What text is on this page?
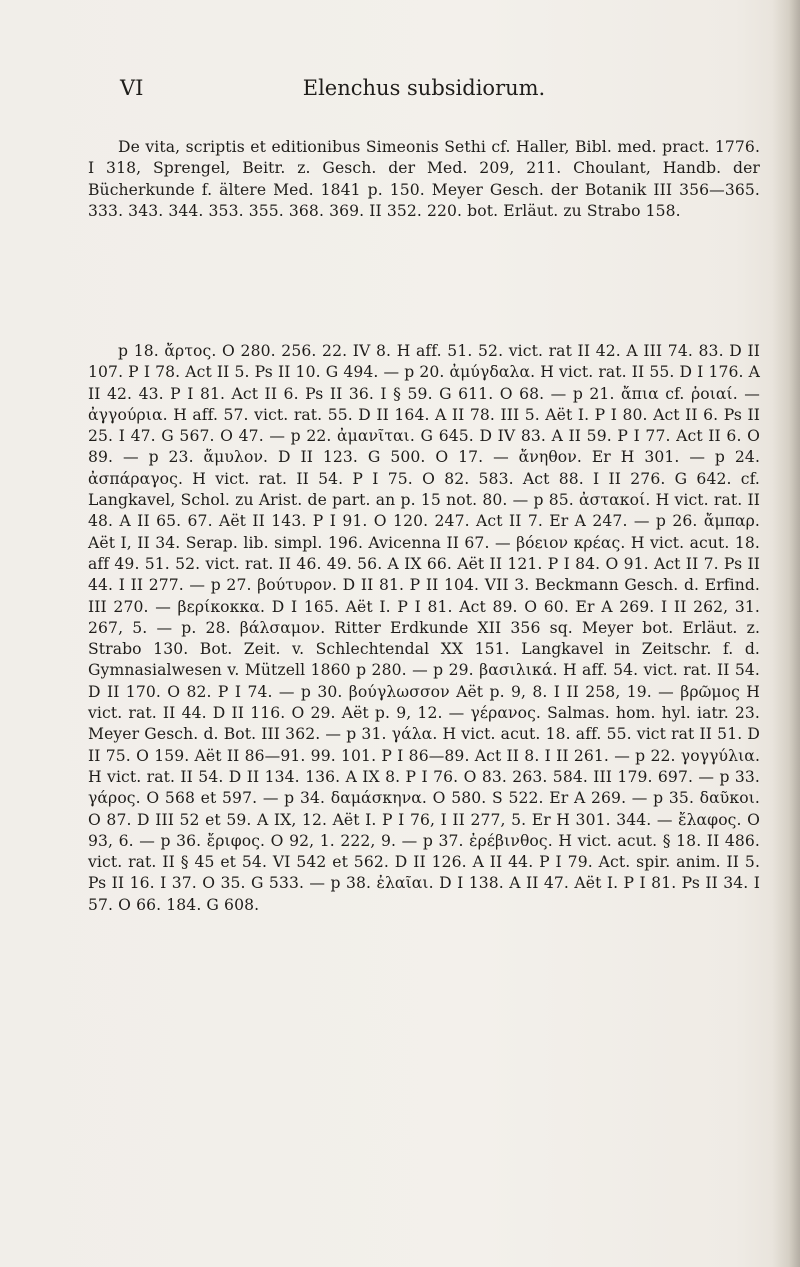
VI	Elenchus subsidiorum.

De vita, scriptis et editionibus Simeonis Sethi cf. Haller, Bibl. med. pract. 1776. I 318, Sprengel, Beitr. z. Gesch. der Med. 209, 211. Choulant, Handb. der Bücherkunde f. ältere Med. 1841 p. 150. Meyer Gesch. der Botanik III 356—365. 333. 343. 344. 353. 355. 368. 369. II 352. 220. bot. Erläut. zu Strabo 158.

p 18. ἄρτος. O 280. 256. 22. IV 8. H aff. 51. 52. vict. rat II 42. A III 74. 83. D II 107. P I 78. Act II 5. Ps II 10. G 494. — p 20. ἀμύγδαλα. H vict. rat. II 55. D I 176. A II 42. 43. P I 81. Act II 6. Ps II 36. I § 59. G 611. O 68. — p 21. ἄπια cf. ῥοιαί. — ἀγγούρια. H aff. 57. vict. rat. 55. D II 164. A II 78. III 5. Aët I. P I 80. Act II 6. Ps II 25. I 47. G 567. O 47. — p 22. ἀμανῖται. G 645. D IV 83. A II 59. P I 77. Act II 6. O 89. — p 23. ἄμυλον. D II 123. G 500. O 17. — ἄνηθον. Er H 301. — p 24. ἀσπάραγος. H vict. rat. II 54. P I 75. O 82. 583. Act 88. I II 276. G 642. cf. Langkavel, Schol. zu Arist. de part. an p. 15 not. 80. — p 85. ἀστακοί. H vict. rat. II 48. A II 65. 67. Aët II 143. P I 91. O 120. 247. Act II 7. Er A 247. — p 26. ἄμπαρ. Aët I, II 34. Serap. lib. simpl. 196. Avicenna II 67. — βόειον κρέας. H vict. acut. 18. aff 49. 51. 52. vict. rat. II 46. 49. 56. A IX 66. Aët II 121. P I 84. O 91. Act II 7. Ps II 44. I II 277. — p 27. βούτυρον. D II 81. P II 104. VII 3. Beckmann Gesch. d. Erfind. III 270. — βερίκοκκα. D I 165. Aët I. P I 81. Act 89. O 60. Er A 269. I II 262, 31. 267, 5. — p. 28. βάλσαμον. Ritter Erdkunde XII 356 sq. Meyer bot. Erläut. z. Strabo 130. Bot. Zeit. v. Schlechtendal XX 151. Langkavel in Zeitschr. f. d. Gymnasialwesen v. Mützell 1860 p 280. — p 29. βασιλικά. H aff. 54. vict. rat. II 54. D II 170. O 82. P I 74. — p 30. βούγλωσσον Aët p. 9, 8. I II 258, 19. — βρῶμος H vict. rat. II 44. D II 116. O 29. Aët p. 9, 12. — γέρανος. Salmas. hom. hyl. iatr. 23. Meyer Gesch. d. Bot. III 362. — p 31. γάλα. H vict. acut. 18. aff. 55. vict rat II 51. D II 75. O 159. Aët II 86—91. 99. 101. P I 86—89. Act II 8. I II 261. — p 22. γογγύλια. H vict. rat. II 54. D II 134. 136. A IX 8. P I 76. O 83. 263. 584. III 179. 697. — p 33. γάρος. O 568 et 597. — p 34. δαμάσκηνα. O 580. S 522. Er A 269. — p 35. δαῦκοι. O 87. D III 52 et 59. A IX, 12. Aët I. P I 76, I II 277, 5. Er H 301. 344. — ἔλαφος. O 93, 6. — p 36. ἔριφος. O 92, 1. 222, 9. — p 37. ἐρέβινθος. H vict. acut. § 18. II 486. vict. rat. II § 45 et 54. VI 542 et 562. D II 126. A II 44. P I 79. Act. spir. anim. II 5. Ps II 16. I 37. O 35. G 533. — p 38. ἐλαῖαι. D I 138. A II 47. Aët I. P I 81. Ps II 34. I 57. O 66. 184. G 608.
